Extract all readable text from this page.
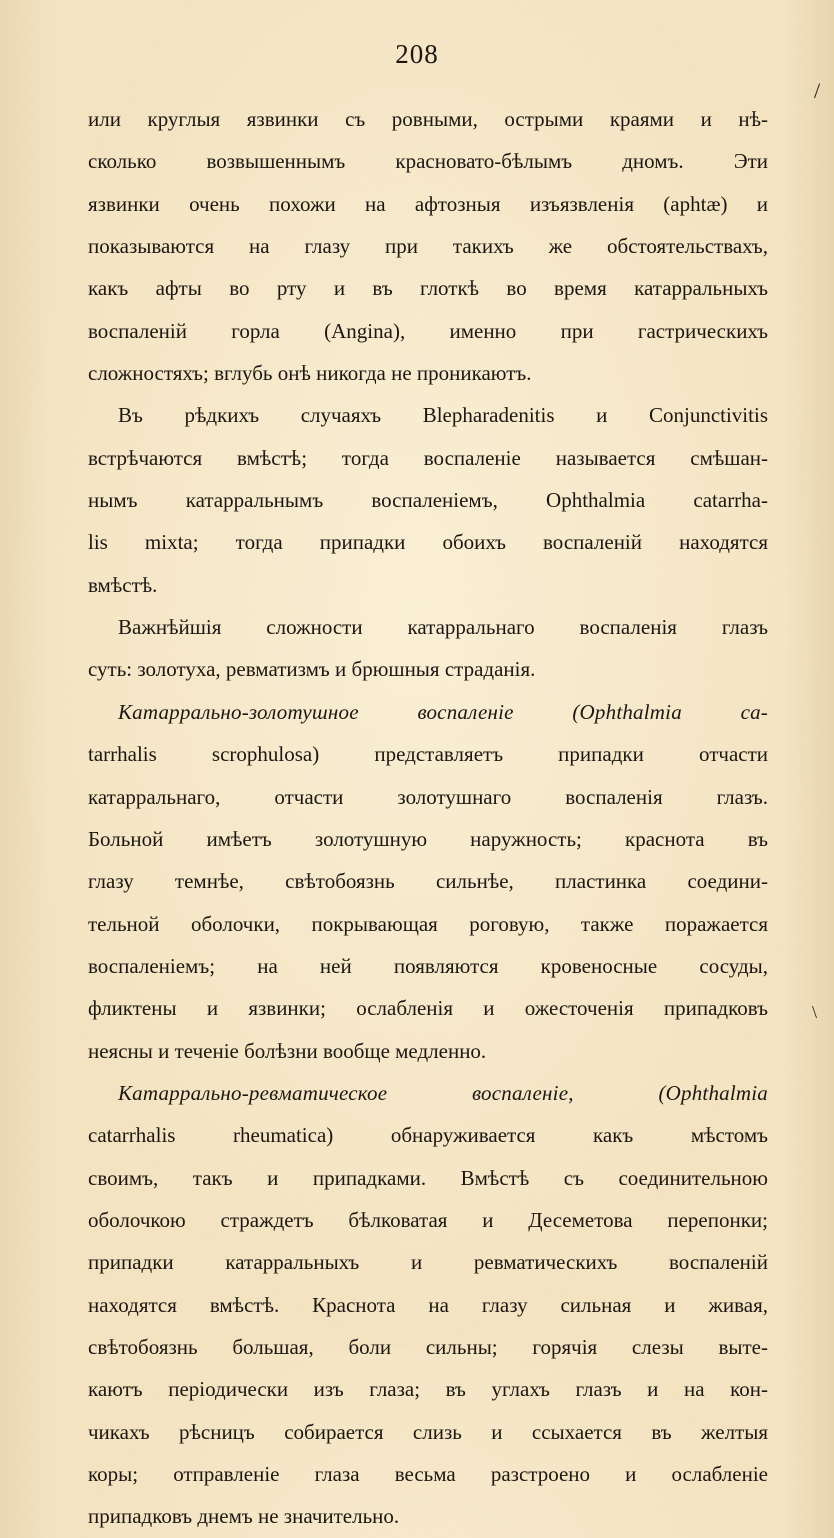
208
/
\
или круглыя язвинки съ ровными, острыми краями и нѣ-
сколько возвышеннымъ красновато-бѣлымъ дномъ. Эти
язвинки очень похожи на афтозныя изъязвленія (aphtæ) и
показываются на глазу при такихъ же обстоятельствахъ,
какъ афты во рту и въ глоткѣ во время катарральныхъ
воспаленій горла (Angina), именно при гастрическихъ
сложностяхъ; вглубь онѣ никогда не проникаютъ.
Въ рѣдкихъ случаяхъ Blepharadenitis и Conjunctivitis
встрѣчаются вмѣстѣ; тогда воспаленіе называется смѣшан-
нымъ катарральнымъ воспаленіемъ, Ophthalmia catarrha-
lis mixta; тогда припадки обоихъ воспаленій находятся
вмѣстѣ.
Важнѣйшія сложности катарральнаго воспаленія глазъ
суть: золотуха, ревматизмъ и брюшныя страданія.
Катаррально-золотушное воспаленіе (Ophthalmia ca-
tarrhalis scrophulosa) представляетъ припадки отчасти
катарральнаго, отчасти золотушнаго воспаленія глазъ.
Больной имѣетъ золотушную наружность; краснота въ
глазу темнѣе, свѣтобоязнь сильнѣе, пластинка соедини-
тельной оболочки, покрывающая роговую, также поражается
воспаленіемъ; на ней появляются кровеносные сосуды,
фликтены и язвинки; ослабленія и ожесточенія припадковъ
неясны и теченіе болѣзни вообще медленно.
Катаррально-ревматическое воспаленіе, (Ophthalmia
catarrhalis rheumatica) обнаруживается какъ мѣстомъ
своимъ, такъ и припадками. Вмѣстѣ съ соединительною
оболочкою страждетъ бѣлковатая и Десеметова перепонки;
припадки катарральныхъ и ревматическихъ воспаленій
находятся вмѣстѣ. Краснота на глазу сильная и живая,
свѣтобоязнь большая, боли сильны; горячія слезы выте-
каютъ періодически изъ глаза; въ углахъ глазъ и на кон-
чикахъ рѣсницъ собирается слизь и ссыхается въ желтыя
коры; отправленіе глаза весьма разстроено и ослабленіе
припадковъ днемъ не значительно.
